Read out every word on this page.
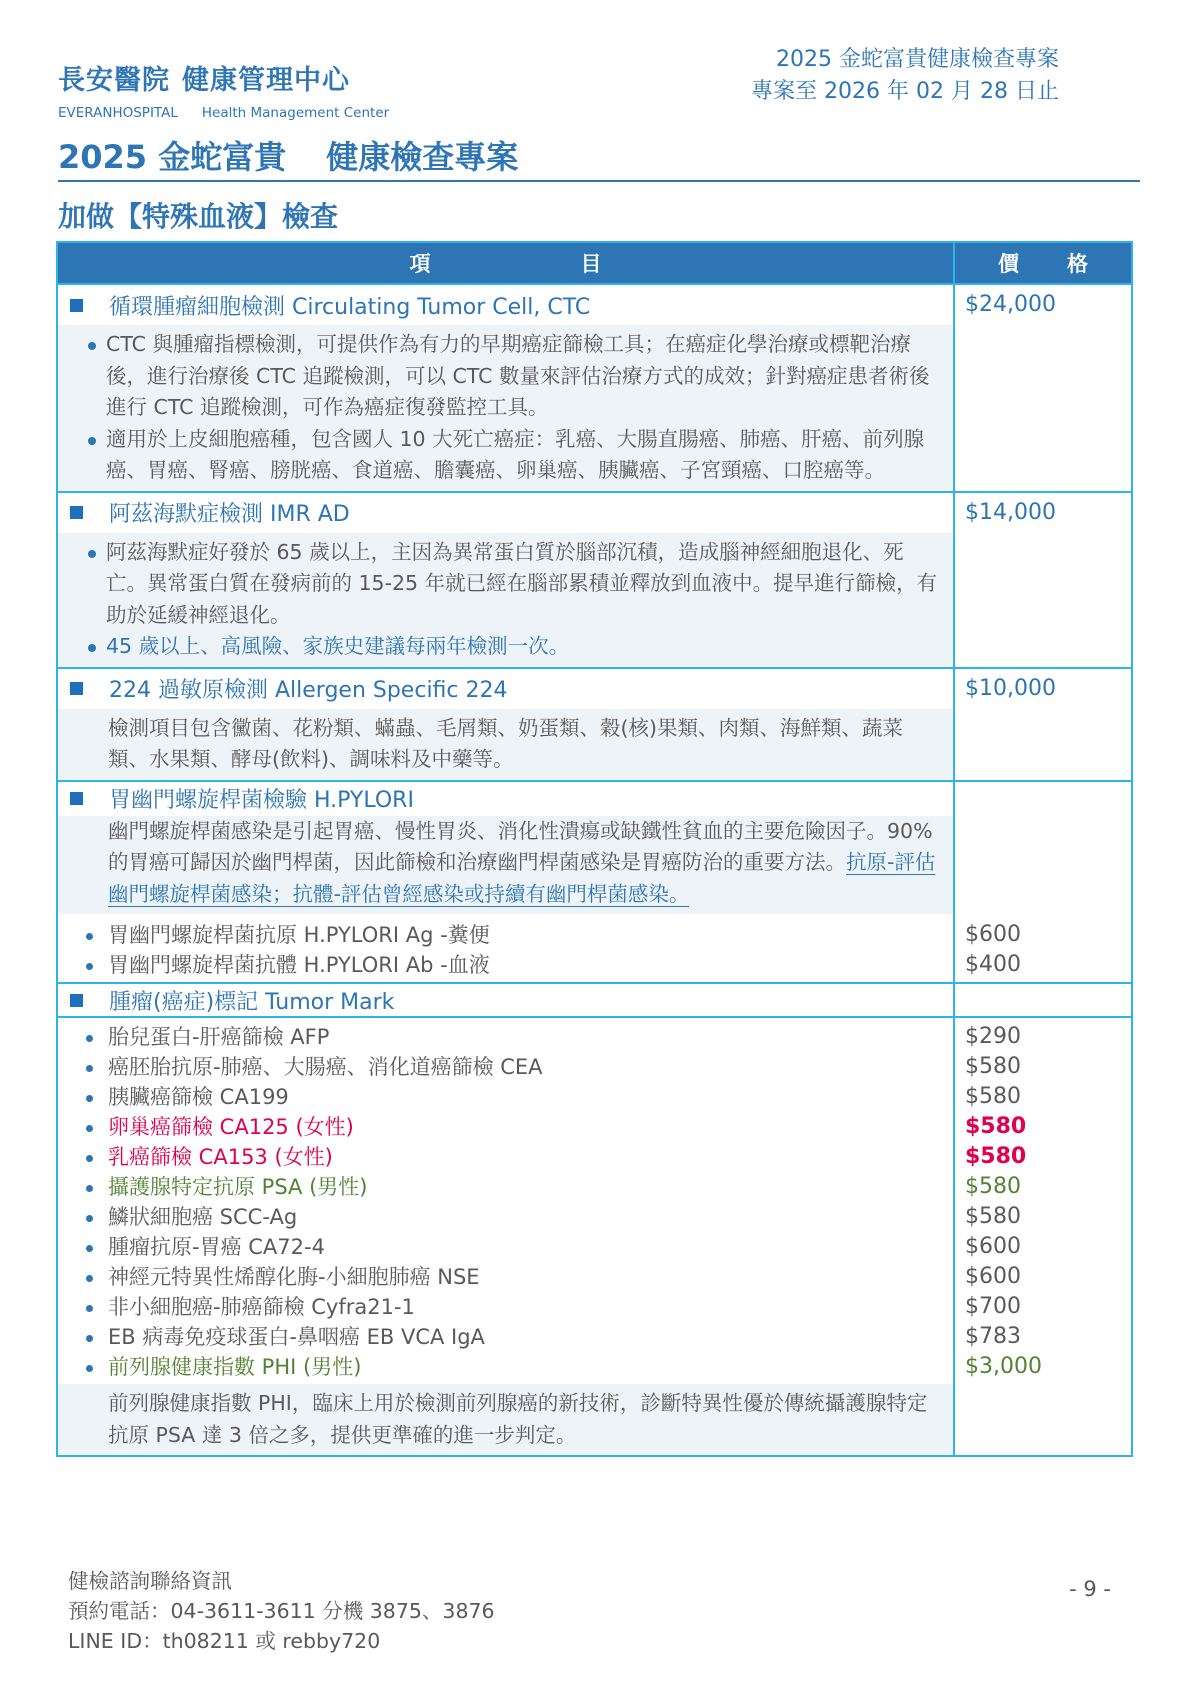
長安醫院 健康管理中心
EVERANHOSPITAL Health Management Center
2025 金蛇富貴健康檢查專案
專案至 2026 年 02 月 28 日止
2025 金蛇富貴 健康檢查專案
加做【特殊血液】檢查
項	目	價 格
循環腫瘤細胞檢測 Circulating Tumor Cell, CTC
CTC 與腫瘤指標檢測，可提供作為有力的早期癌症篩檢工具；在癌症化學治療或標靶治療後，進行治療後 CTC 追蹤檢測，可以 CTC 數量來評估治療方式的成效；針對癌症患者術後進行 CTC 追蹤檢測，可作為癌症復發監控工具。
適用於上皮細胞癌種，包含國人 10 大死亡癌症：乳癌、大腸直腸癌、肺癌、肝癌、前列腺癌、胃癌、腎癌、膀胱癌、食道癌、膽囊癌、卵巢癌、胰臟癌、子宮頸癌、口腔癌等。
$24,000
阿茲海默症檢測 IMR AD
阿茲海默症好發於 65 歲以上，主因為異常蛋白質於腦部沉積，造成腦神經細胞退化、死亡。異常蛋白質在發病前的 15-25 年就已經在腦部累積並釋放到血液中。提早進行篩檢，有助於延緩神經退化。
45 歲以上、高風險、家族史建議每兩年檢測一次。
$14,000
224 過敏原檢測 Allergen Specific 224
檢測項目包含黴菌、花粉類、蟎蟲、毛屑類、奶蛋類、穀(核)果類、肉類、海鮮類、蔬菜類、水果類、酵母(飲料)、調味料及中藥等。
$10,000
胃幽門螺旋桿菌檢驗 H.PYLORI
幽門螺旋桿菌感染是引起胃癌、慢性胃炎、消化性潰瘍或缺鐵性貧血的主要危險因子。90% 的胃癌可歸因於幽門桿菌，因此篩檢和治療幽門桿菌感染是胃癌防治的重要方法。抗原-評估幽門螺旋桿菌感染；抗體-評估曾經感染或持續有幽門桿菌感染。
胃幽門螺旋桿菌抗原 H.PYLORI Ag -糞便
胃幽門螺旋桿菌抗體 H.PYLORI Ab -血液
$600
$400
腫瘤(癌症)標記 Tumor Mark
胎兒蛋白-肝癌篩檢 AFP
癌胚胎抗原-肺癌、大腸癌、消化道癌篩檢 CEA
胰臟癌篩檢 CA199
卵巢癌篩檢 CA125 (女性)
乳癌篩檢 CA153 (女性)
攝護腺特定抗原 PSA (男性)
鱗狀細胞癌 SCC-Ag
腫瘤抗原-胃癌 CA72-4
神經元特異性烯醇化脢-小細胞肺癌 NSE
非小細胞癌-肺癌篩檢 Cyfra21-1
EB 病毒免疫球蛋白-鼻咽癌 EB VCA IgA
前列腺健康指數 PHI (男性)
前列腺健康指數 PHI，臨床上用於檢測前列腺癌的新技術，診斷特異性優於傳統攝護腺特定抗原 PSA 達 3 倍之多，提供更準確的進一步判定。
$290
$580
$580
$580
$580
$580
$580
$600
$600
$700
$783
$3,000
健檢諮詢聯絡資訊
預約電話：04-3611-3611 分機 3875、3876
LINE ID：th08211 或 rebby720
- 9 -
